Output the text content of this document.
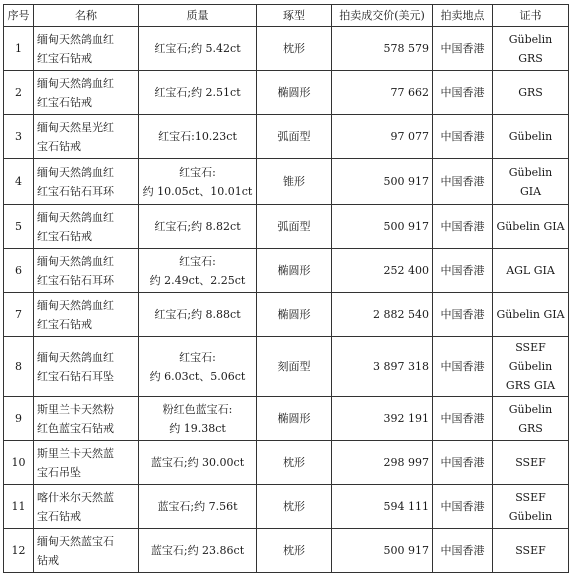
序号	名称	质量	琢型	拍卖成交价(美元)	拍卖地点	证书
1	缅甸天然鸽血红
红宝石钻戒	红宝石;约 5.42ct	枕形	578 579	中国香港	Gübelin
GRS

2	缅甸天然鸽血红
红宝石钻戒	红宝石;约 2.51ct	椭圆形	77 662	中国香港	GRS

3	缅甸天然星光红
宝石钻戒	红宝石:10.23ct	弧面型	97 077	中国香港	Gübelin

4	缅甸天然鸽血红
红宝石钻石耳环	红宝石:
约 10.05ct、10.01ct	锥形	500 917	中国香港	Gübelin
GIA

5	缅甸天然鸽血红
红宝石钻戒	红宝石;约 8.82ct	弧面型	500 917	中国香港	Gübelin GIA

6	缅甸天然鸽血红
红宝石钻石耳环	红宝石:
约 2.49ct、2.25ct	椭圆形	252 400	中国香港	AGL GIA

7	缅甸天然鸽血红
红宝石钻戒	红宝石;约 8.88ct	椭圆形	2 882 540	中国香港	Gübelin GIA

8	缅甸天然鸽血红
红宝石钻石耳坠	红宝石:
约 6.03ct、5.06ct	刻面型	3 897 318	中国香港	SSEF Gübelin
GRS GIA

9	斯里兰卡天然粉
红色蓝宝石钻戒	粉红色蓝宝石:
约 19.38ct	椭圆形	392 191	中国香港	Gübelin GRS

10	斯里兰卡天然蓝
宝石吊坠	蓝宝石;约 30.00ct	枕形	298 997	中国香港	SSEF

11	喀什米尔天然蓝
宝石钻戒	蓝宝石;约 7.56t	枕形	594 111	中国香港	SSEF Gübelin

12	缅甸天然蓝宝石
钻戒	蓝宝石;约 23.86ct	枕形	500 917	中国香港	SSEF
